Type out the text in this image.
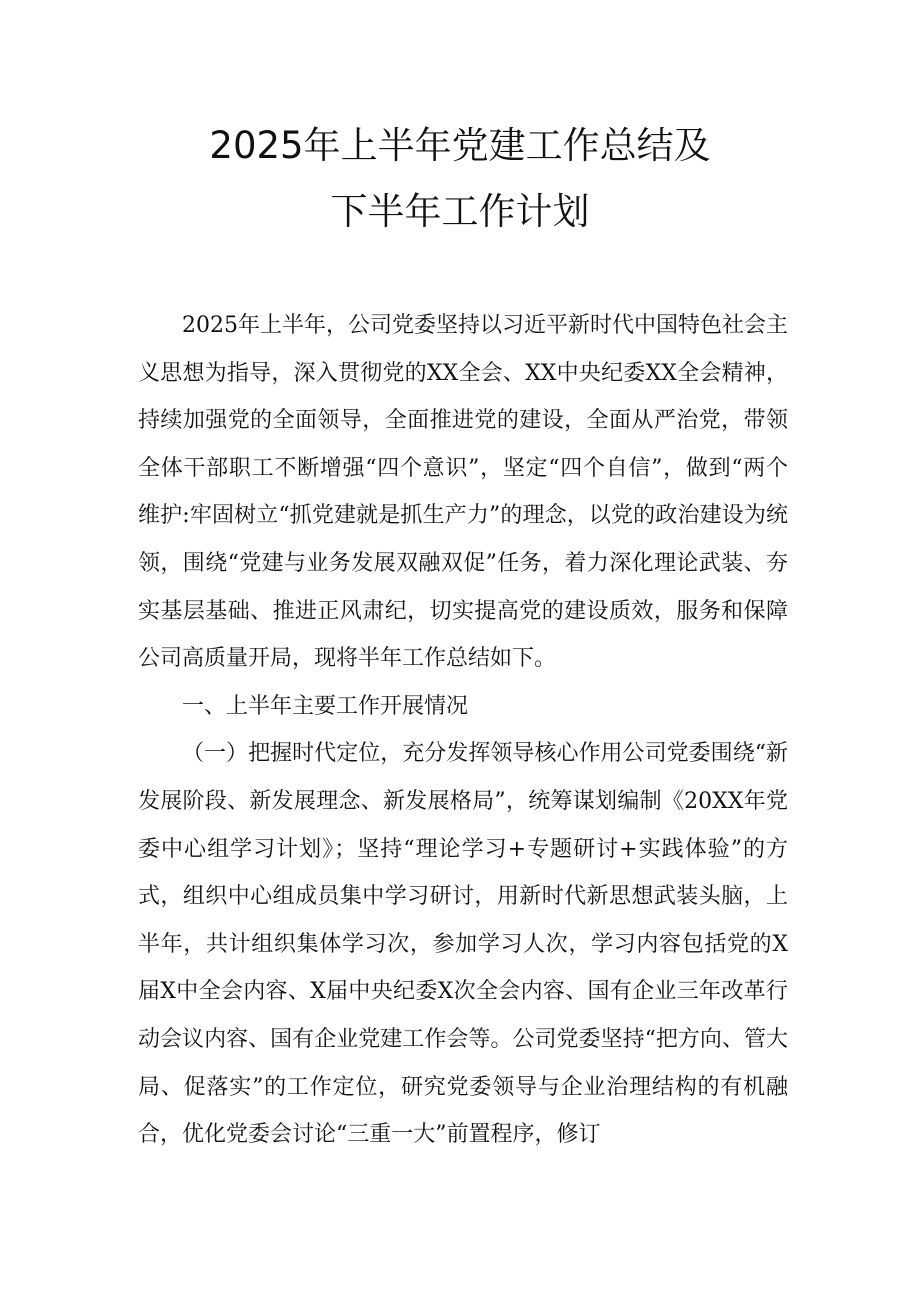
2025年上半年党建工作总结及
下半年工作计划

2025年上半年，公司党委坚持以习近平新时代中国特色社会主义思想为指导，深入贯彻党的XX全会、XX中央纪委XX全会精神，持续加强党的全面领导，全面推进党的建设，全面从严治党，带领全体干部职工不断增强“四个意识”，坚定“四个自信”，做到“两个维护:牢固树立“抓党建就是抓生产力”的理念，以党的政治建设为统领，围绕“党建与业务发展双融双促”任务，着力深化理论武装、夯实基层基础、推进正风肃纪，切实提高党的建设质效，服务和保障公司高质量开局，现将半年工作总结如下。

一、上半年主要工作开展情况

（一）把握时代定位，充分发挥领导核心作用公司党委围绕“新发展阶段、新发展理念、新发展格局”，统筹谋划编制《20XX年党委中心组学习计划》；坚持“理论学习+专题研讨+实践体验”的方式，组织中心组成员集中学习研讨，用新时代新思想武装头脑，上半年，共计组织集体学习次，参加学习人次，学习内容包括党的X届X中全会内容、X届中央纪委X次全会内容、国有企业三年改革行动会议内容、国有企业党建工作会等。公司党委坚持“把方向、管大局、促落实”的工作定位，研究党委领导与企业治理结构的有机融合，优化党委会讨论“三重一大”前置程序，修订
